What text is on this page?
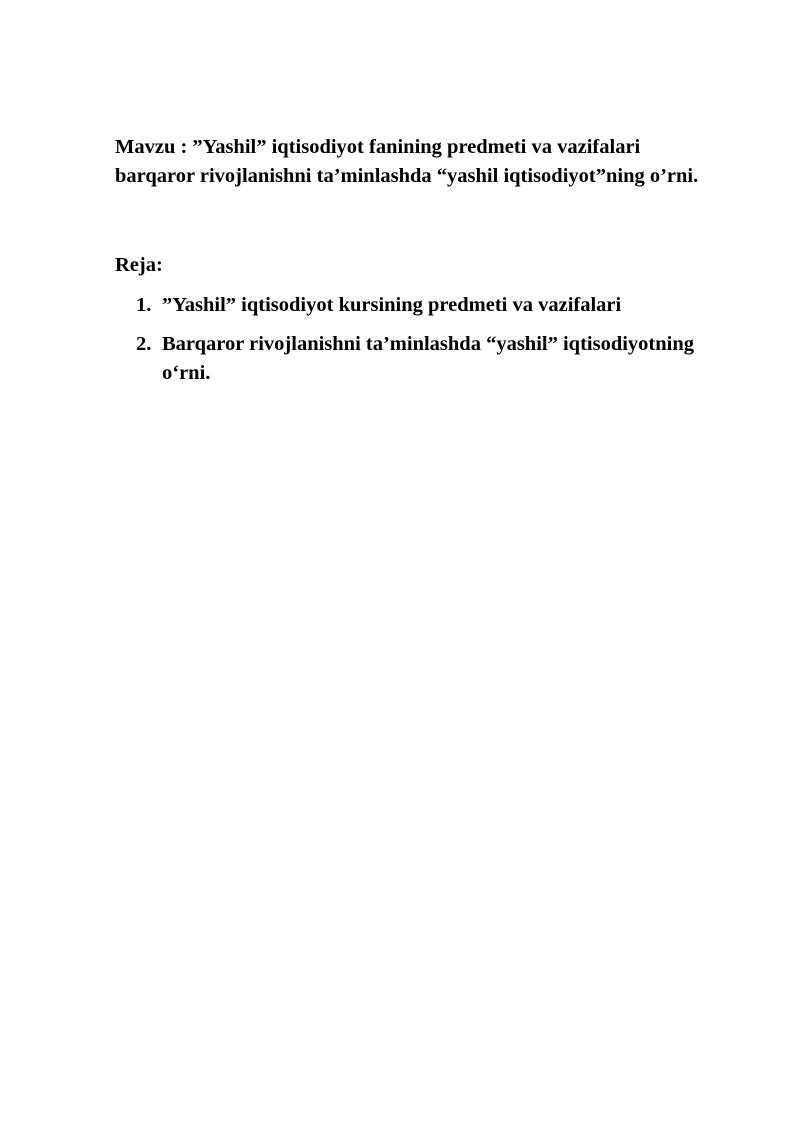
Mavzu : ”Yashil” iqtisodiyot fanining predmeti va vazifalari
barqaror rivojlanishni ta’minlashda “yashil iqtisodiyot”ning o’rni.
Reja:
1. ”Yashil” iqtisodiyot kursining predmeti va vazifalari
2. Barqaror rivojlanishni ta’minlashda “yashil” iqtisodiyotning
o‘rni.
